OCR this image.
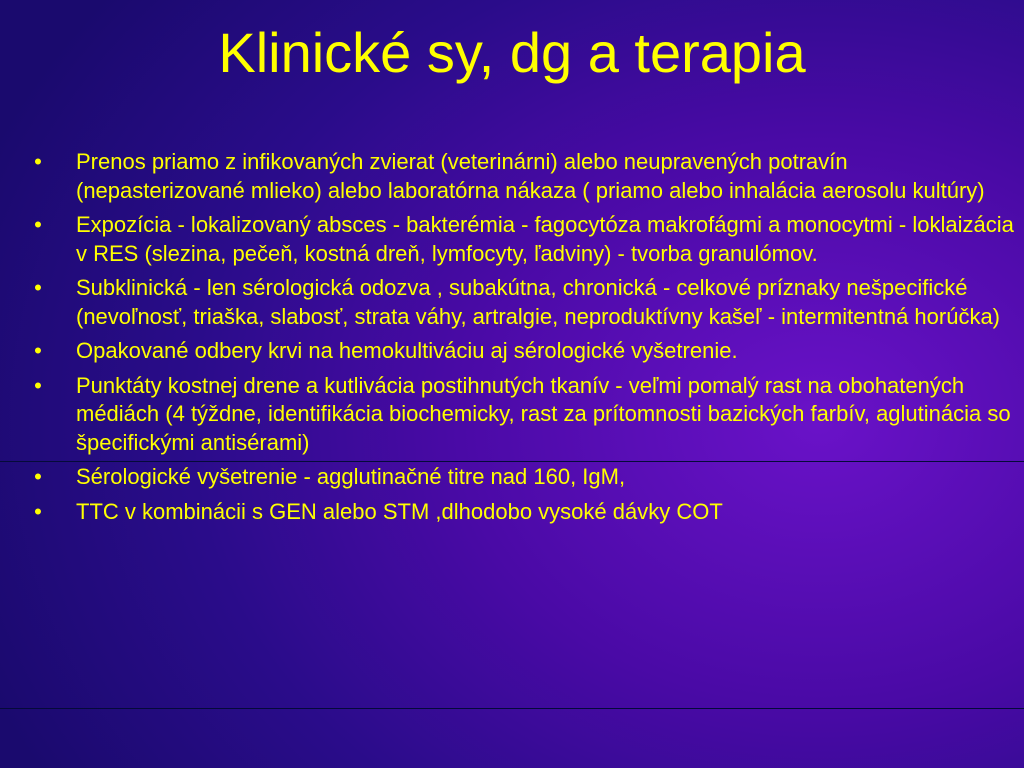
Klinické sy, dg a terapia
• Prenos priamo z infikovaných zvierat (veterinárni) alebo neupravených potravín (nepasterizované mlieko) alebo laboratórna nákaza ( priamo alebo inhalácia aerosolu kultúry)
• Expozícia - lokalizovaný absces - bakterémia - fagocytóza makrofágmi a monocytmi - loklaizácia v RES (slezina, pečeň, kostná dreň, lymfocyty, ľadviny) - tvorba granulómov.
• Subklinická - len sérologická odozva , subakútna, chronická - celkové príznaky nešpecifické (nevoľnosť, triaška, slabosť, strata váhy, artralgie, neproduktívny kašeľ - intermitentná horúčka)
• Opakované odbery krvi na hemokultiváciu aj sérologické vyšetrenie.
• Punktáty kostnej drene a kutlivácia postihnutých tkanív - veľmi pomalý rast na obohatených médiách (4 týždne, identifikácia biochemicky, rast za prítomnosti bazických farbív, aglutinácia so špecifickými antisérami)
• Sérologické vyšetrenie - agglutinačné titre nad 160, IgM,
• TTC v kombinácii s GEN alebo STM ,dlhodobo vysoké dávky COT
